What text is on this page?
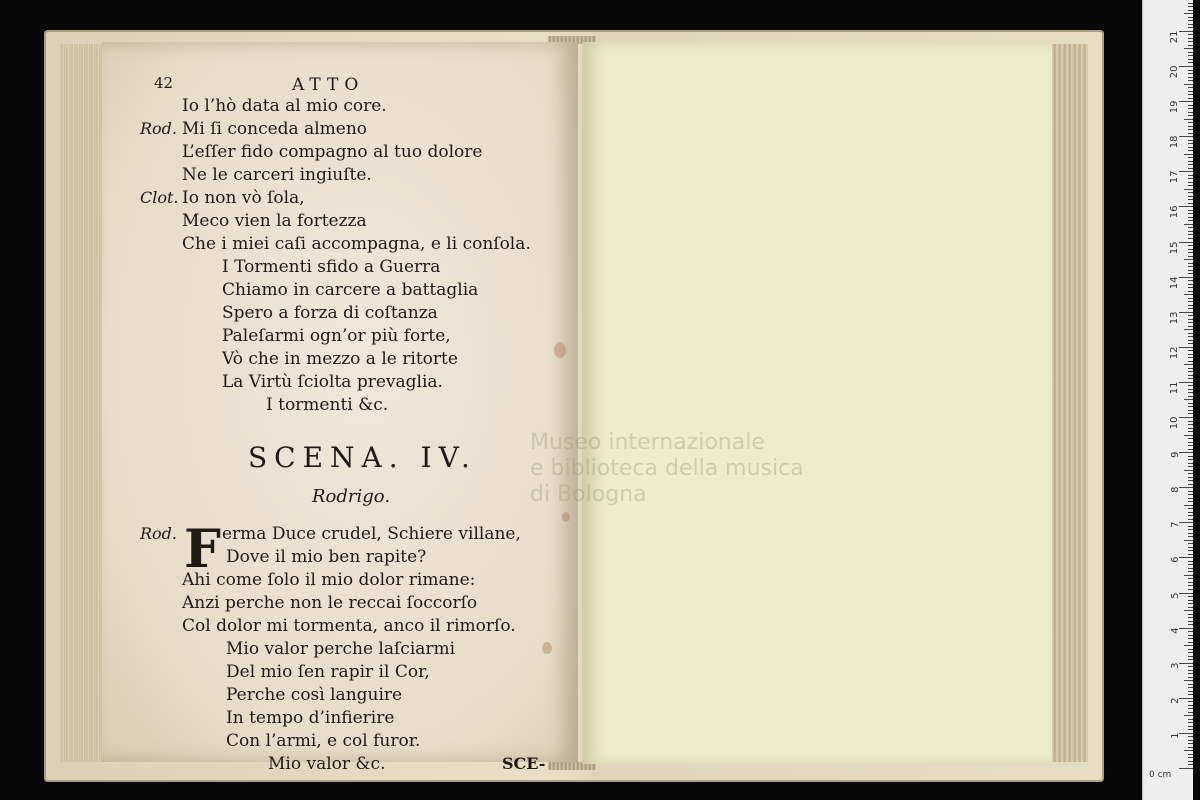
42	ATTO
Io l’hò data al mio core.
Rod. Mi ſi conceda almeno
L’eſſer fido compagno al tuo dolore
Ne le carceri ingiuſte.
Clot. Io non vò ſola,
Meco vien la fortezza
Che i miei caſi accompagna, e li conſola.
I Tormenti sfido a Guerra
Chiamo in carcere a battaglia
Spero a forza di coſtanza
Paleſarmi ogn’or più forte,
Vò che in mezzo a le ritorte
La Virtù ſciolta prevaglia.
I tormenti &c.
SCENA. IV.
Rodrigo.
Rod. F erma Duce crudel, Schiere villane,
Dove il mio ben rapite?
Ahi come ſolo il mio dolor rimane:
Anzi perche non le reccai ſoccorſo
Col dolor mi tormenta, anco il rimorſo.
Mio valor perche laſciarmi
Del mio ſen rapir il Cor,
Perche così languire
In tempo d’infierire
Con l’armi, e col furor.
Mio valor &c.	SCE-
Museo internazionale
e biblioteca della musica
di Bologna
0 cm
1
2
3
4
5
6
7
8
9
10
11
12
13
14
15
16
17
18
19
20
21
